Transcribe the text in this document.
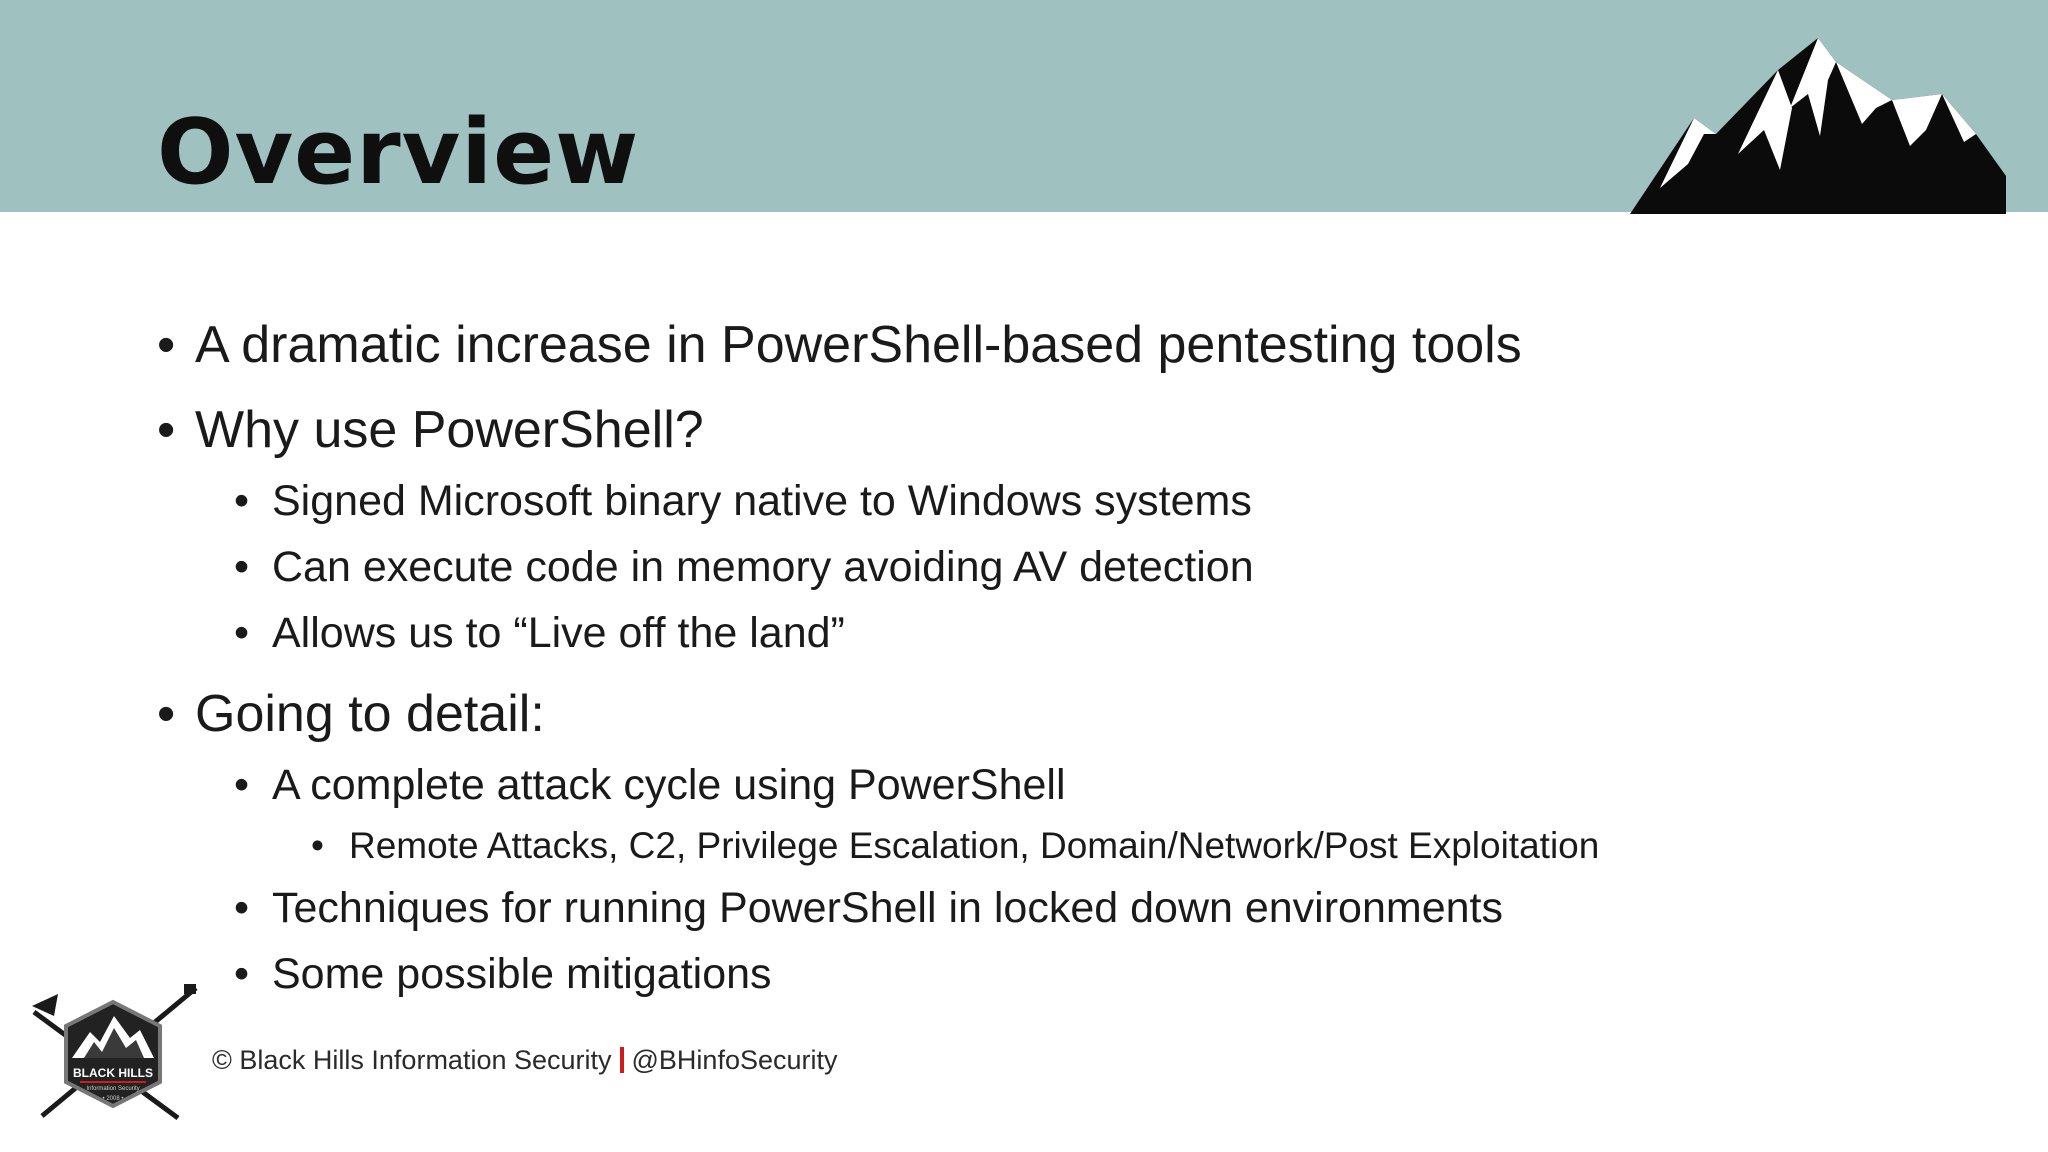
Overview
• A dramatic increase in PowerShell-based pentesting tools
• Why use PowerShell?
• Signed Microsoft binary native to Windows systems
• Can execute code in memory avoiding AV detection
• Allows us to “Live off the land”
• Going to detail:
• A complete attack cycle using PowerShell
• Remote Attacks, C2, Privilege Escalation, Domain/Network/Post Exploitation
• Techniques for running PowerShell in locked down environments
• Some possible mitigations
BLACK HILLS
Information Security
• 2008 •
© Black Hills Information Security @BHinfoSecurity
